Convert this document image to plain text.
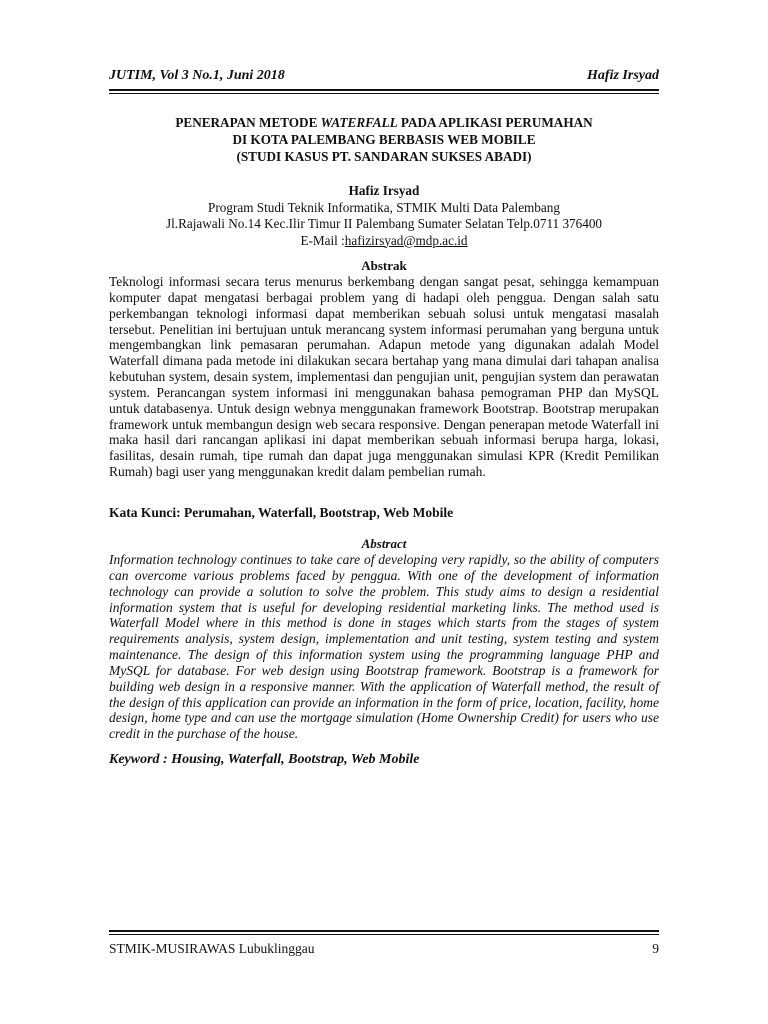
JUTIM, Vol 3 No.1, Juni 2018	Hafiz Irsyad
PENERAPAN METODE WATERFALL PADA APLIKASI PERUMAHAN
DI KOTA PALEMBANG BERBASIS WEB MOBILE
(STUDI KASUS PT. SANDARAN SUKSES ABADI)
Hafiz Irsyad
Program Studi Teknik Informatika, STMIK Multi Data Palembang
Jl.Rajawali No.14 Kec.Ilir Timur II Palembang Sumater Selatan Telp.0711 376400
E-Mail :hafizirsyad@mdp.ac.id
Abstrak
Teknologi informasi secara terus menurus berkembang dengan sangat pesat, sehingga kemampuan komputer dapat mengatasi berbagai problem yang di hadapi oleh penggua. Dengan salah satu perkembangan teknologi informasi dapat memberikan sebuah solusi untuk mengatasi masalah tersebut. Penelitian ini bertujuan untuk merancang system informasi perumahan yang berguna untuk mengembangkan link pemasaran perumahan. Adapun metode yang digunakan adalah Model Waterfall dimana pada metode ini dilakukan secara bertahap yang mana dimulai dari tahapan analisa kebutuhan system, desain system, implementasi dan pengujian unit, pengujian system dan perawatan system. Perancangan system informasi ini menggunakan bahasa pemograman PHP dan MySQL untuk databasenya. Untuk design webnya menggunakan framework Bootstrap. Bootstrap merupakan framework untuk membangun design web secara responsive. Dengan penerapan metode Waterfall ini maka hasil dari rancangan aplikasi ini dapat memberikan sebuah informasi berupa harga, lokasi, fasilitas, desain rumah, tipe rumah dan dapat juga menggunakan simulasi KPR (Kredit Pemilikan Rumah) bagi user yang menggunakan kredit dalam pembelian rumah.
Kata Kunci: Perumahan, Waterfall, Bootstrap, Web Mobile
Abstract
Information technology continues to take care of developing very rapidly, so the ability of computers can overcome various problems faced by penggua. With one of the development of information technology can provide a solution to solve the problem. This study aims to design a residential information system that is useful for developing residential marketing links. The method used is Waterfall Model where in this method is done in stages which starts from the stages of system requirements analysis, system design, implementation and unit testing, system testing and system maintenance. The design of this information system using the programming language PHP and MySQL for database. For web design using Bootstrap framework. Bootstrap is a framework for building web design in a responsive manner. With the application of Waterfall method, the result of the design of this application can provide an information in the form of price, location, facility, home design, home type and can use the mortgage simulation (Home Ownership Credit) for users who use credit in the purchase of the house.
Keyword : Housing, Waterfall, Bootstrap, Web Mobile
STMIK-MUSIRAWAS Lubuklinggau	9
